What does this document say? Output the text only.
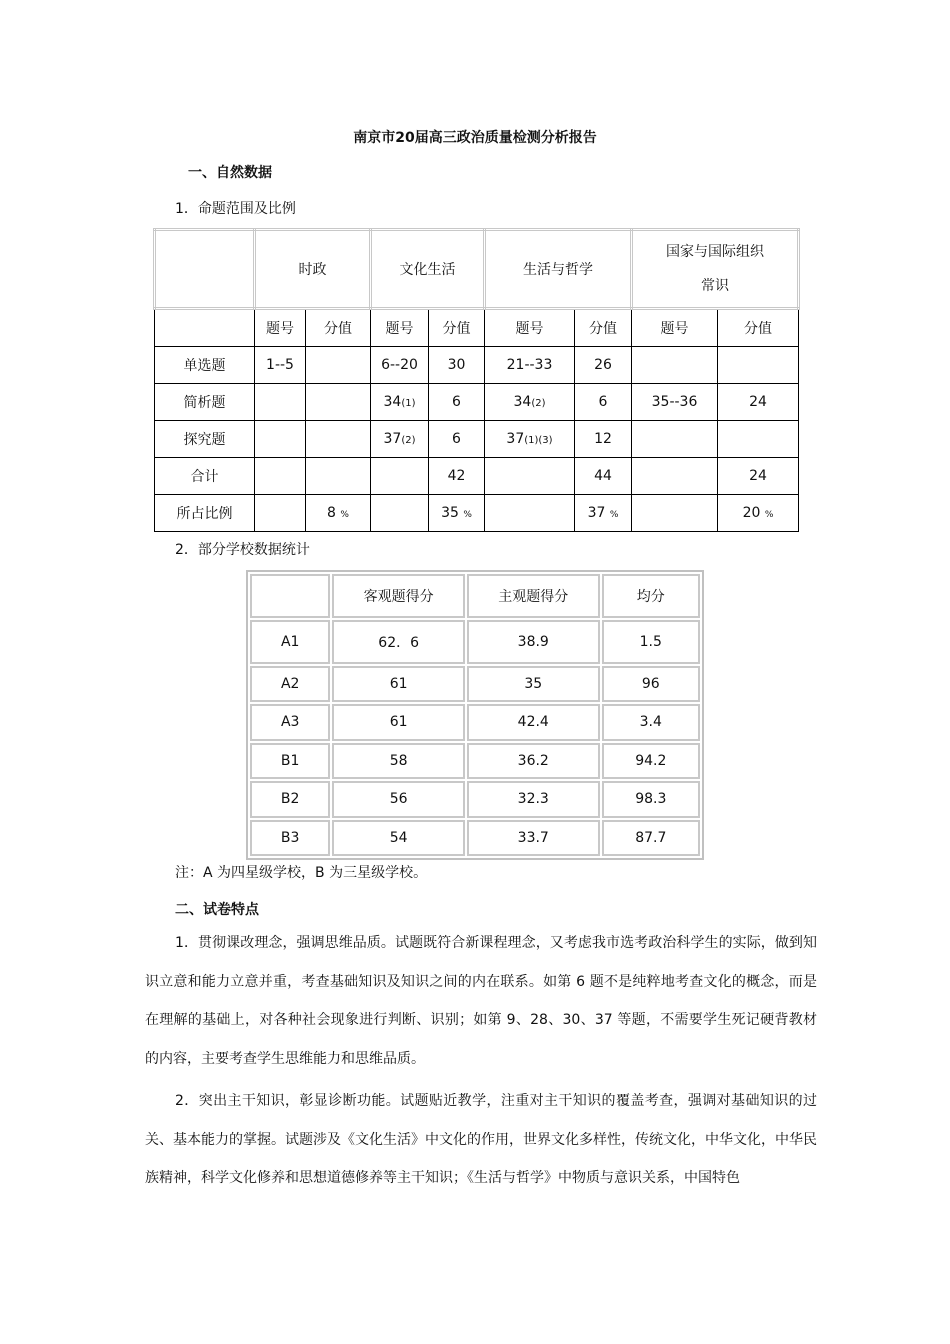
南京市20届高三政治质量检测分析报告
一、自然数据
1．命题范围及比例
	时政		文化生活		生活与哲学		国家与国际组织
常识	
	题号	分值	题号	分值	题号	分值	题号	分值
单选题	1--5		6--20	30	21--33	26		
简析题			34(1)	6	34(2)	6	35--36	24
探究题			37(2)	6	37(1)(3)	12		
合计				42		44		24
所占比例		8 %		35 %		37 %		20 %
2．部分学校数据统计
	客观题得分	主观题得分	均分
A1	62．6	38.9	1.5
A2	61	35	96
A3	61	42.4	3.4
B1	58	36.2	94.2
B2	56	32.3	98.3
B3	54	33.7	87.7
注：A 为四星级学校，B 为三星级学校。
二、试卷特点
1．贯彻课改理念，强调思维品质。试题既符合新课程理念，又考虑我市选考政治科学生的实际，做到知识立意和能力立意并重，考查基础知识及知识之间的内在联系。如第 6 题不是纯粹地考查文化的概念，而是在理解的基础上，对各种社会现象进行判断、识别；如第 9、28、30、37 等题，不需要学生死记硬背教材的内容，主要考查学生思维能力和思维品质。
2．突出主干知识，彰显诊断功能。试题贴近教学，注重对主干知识的覆盖考查，强调对基础知识的过关、基本能力的掌握。试题涉及《文化生活》中文化的作用，世界文化多样性，传统文化，中华文化，中华民族精神，科学文化修养和思想道德修养等主干知识；《生活与哲学》中物质与意识关系，中国特色
